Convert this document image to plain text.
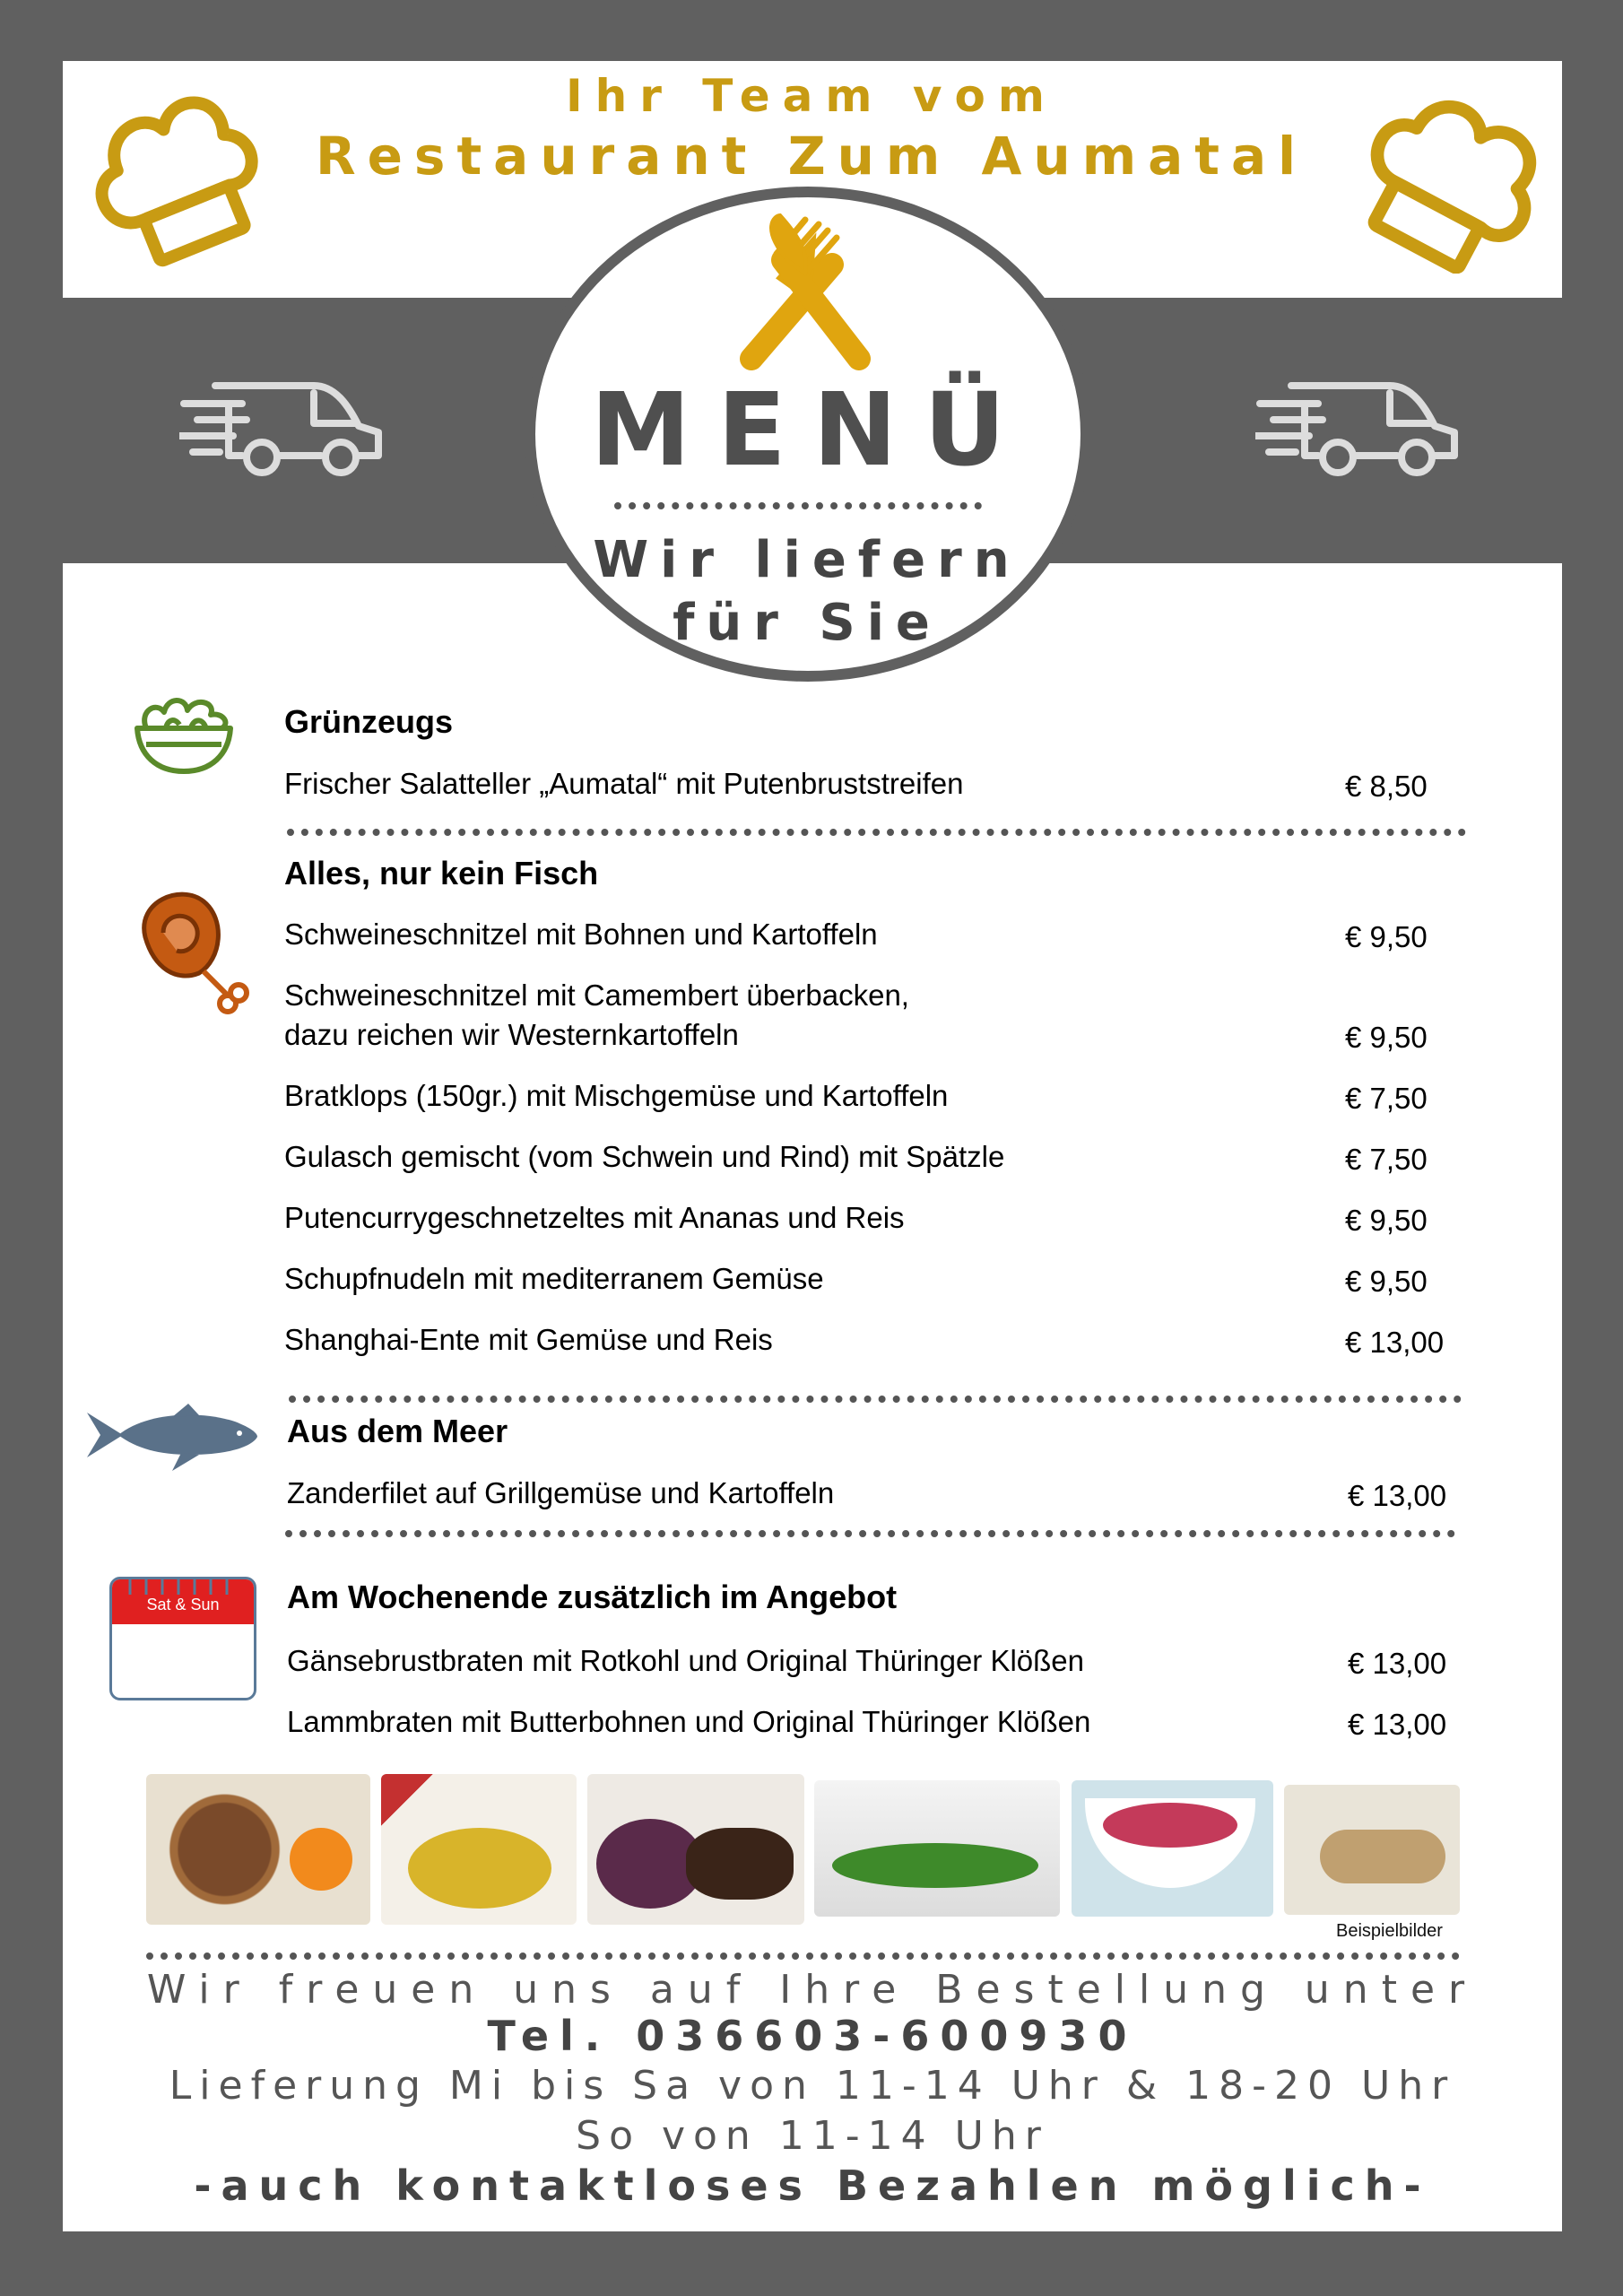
Ihr Team vom
Restaurant Zum Aumatal
MENÜ
Wir liefern
für Sie
Grünzeugs
Frischer Salatteller „Aumatal“ mit Putenbruststreifen	€ 8,50
Alles, nur kein Fisch
Schweineschnitzel mit Bohnen und Kartoffeln	€ 9,50
Schweineschnitzel mit Camembert überbacken,
dazu reichen wir Westernkartoffeln	€ 9,50
Bratklops (150gr.) mit Mischgemüse und Kartoffeln	€ 7,50
Gulasch gemischt (vom Schwein und Rind) mit Spätzle	€ 7,50
Putencurrygeschnetzeltes mit Ananas und Reis	€ 9,50
Schupfnudeln mit mediterranem Gemüse	€ 9,50
Shanghai-Ente mit Gemüse und Reis	€ 13,00
Aus dem Meer
Zanderfilet auf Grillgemüse und Kartoffeln	€ 13,00
Sat & Sun	Am Wochenende zusätzlich im Angebot
Gänsebrustbraten mit Rotkohl und Original Thüringer Klößen	€ 13,00
Lammbraten mit Butterbohnen und Original Thüringer Klößen	€ 13,00
Beispielbilder
Wir freuen uns auf Ihre Bestellung unter
Tel. 036603-600930
Lieferung Mi bis Sa von 11-14 Uhr & 18-20 Uhr
So von 11-14 Uhr
-auch kontaktloses Bezahlen möglich-
